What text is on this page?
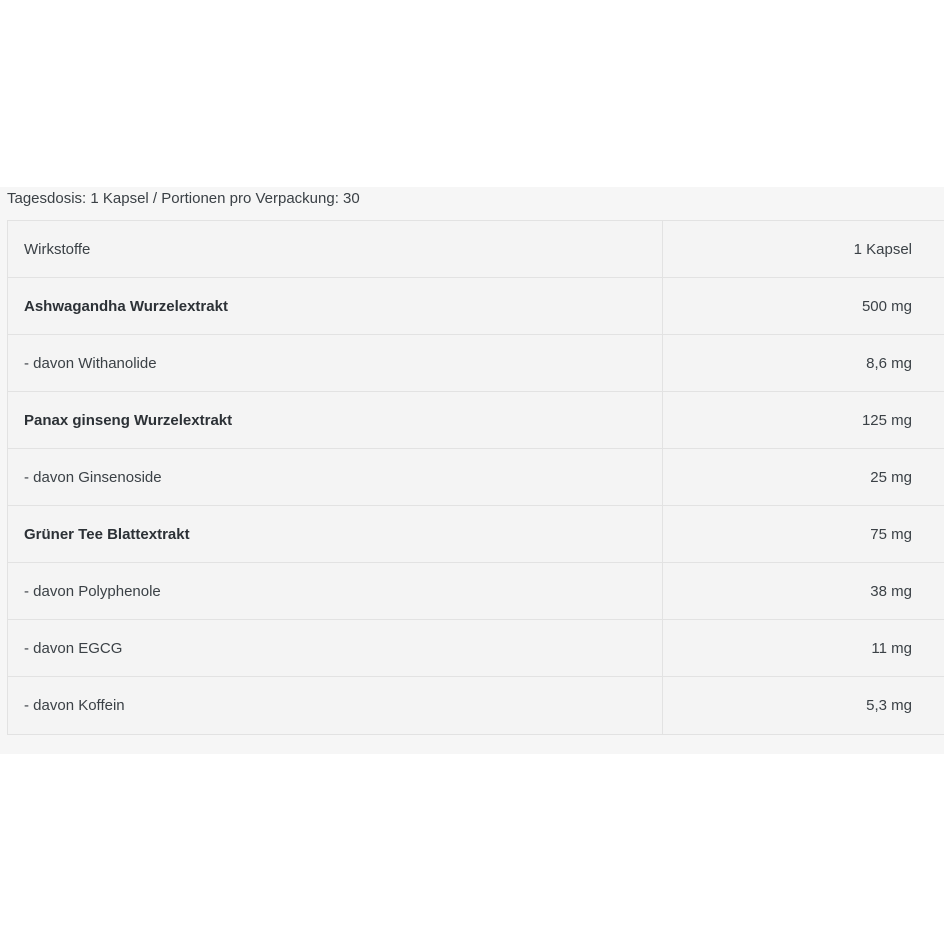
Tagesdosis: 1 Kapsel / Portionen pro Verpackung: 30
Wirkstoffe	1 Kapsel
Ashwagandha Wurzelextrakt	500 mg
- davon Withanolide	8,6 mg
Panax ginseng Wurzelextrakt	125 mg
- davon Ginsenoside	25 mg
Grüner Tee Blattextrakt	75 mg
- davon Polyphenole	38 mg
- davon EGCG	11 mg
- davon Koffein	5,3 mg
